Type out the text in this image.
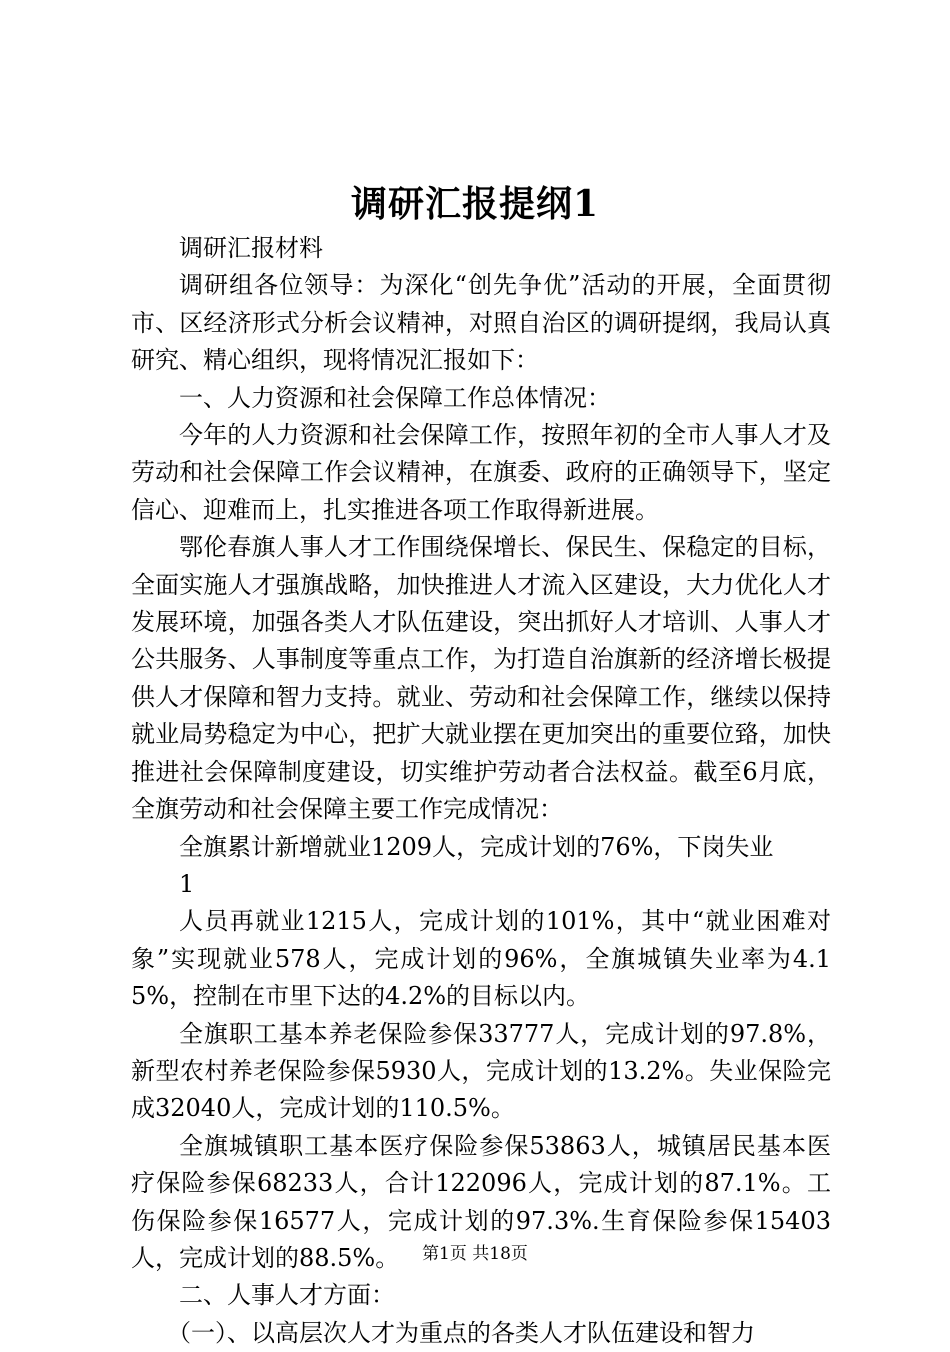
调研汇报提纲1

调研汇报材料

调研组各位领导：为深化“创先争优”活动的开展，全面贯彻市、区经济形式分析会议精神，对照自治区的调研提纲，我局认真研究、精心组织，现将情况汇报如下：

一、人力资源和社会保障工作总体情况：

今年的人力资源和社会保障工作，按照年初的全市人事人才及劳动和社会保障工作会议精神，在旗委、政府的正确领导下，坚定信心、迎难而上，扎实推进各项工作取得新进展。

鄂伦春旗人事人才工作围绕保增长、保民生、保稳定的目标，全面实施人才强旗战略，加快推进人才流入区建设，大力优化人才发展环境，加强各类人才队伍建设，突出抓好人才培训、人事人才公共服务、人事制度等重点工作，为打造自治旗新的经济增长极提供人才保障和智力支持。就业、劳动和社会保障工作，继续以保持就业局势稳定为中心，把扩大就业摆在更加突出的重要位臵，加快推进社会保障制度建设，切实维护劳动者合法权益。截至6月底，全旗劳动和社会保障主要工作完成情况：

全旗累计新增就业1209人，完成计划的76%，下岗失业

1

人员再就业1215人，完成计划的101%，其中“就业困难对象”实现就业578人，完成计划的96%，全旗城镇失业率为4.15%，控制在市里下达的4.2%的目标以内。

全旗职工基本养老保险参保33777人，完成计划的97.8%，新型农村养老保险参保5930人，完成计划的13.2%。失业保险完成32040人，完成计划的110.5%。

全旗城镇职工基本医疗保险参保53863人，城镇居民基本医疗保险参保68233人，合计122096人，完成计划的87.1%。工伤保险参保16577人，完成计划的97.3%.生育保险参保15403人，完成计划的88.5%。

二、人事人才方面：

（一）、以高层次人才为重点的各类人才队伍建设和智力

第1页 共18页
